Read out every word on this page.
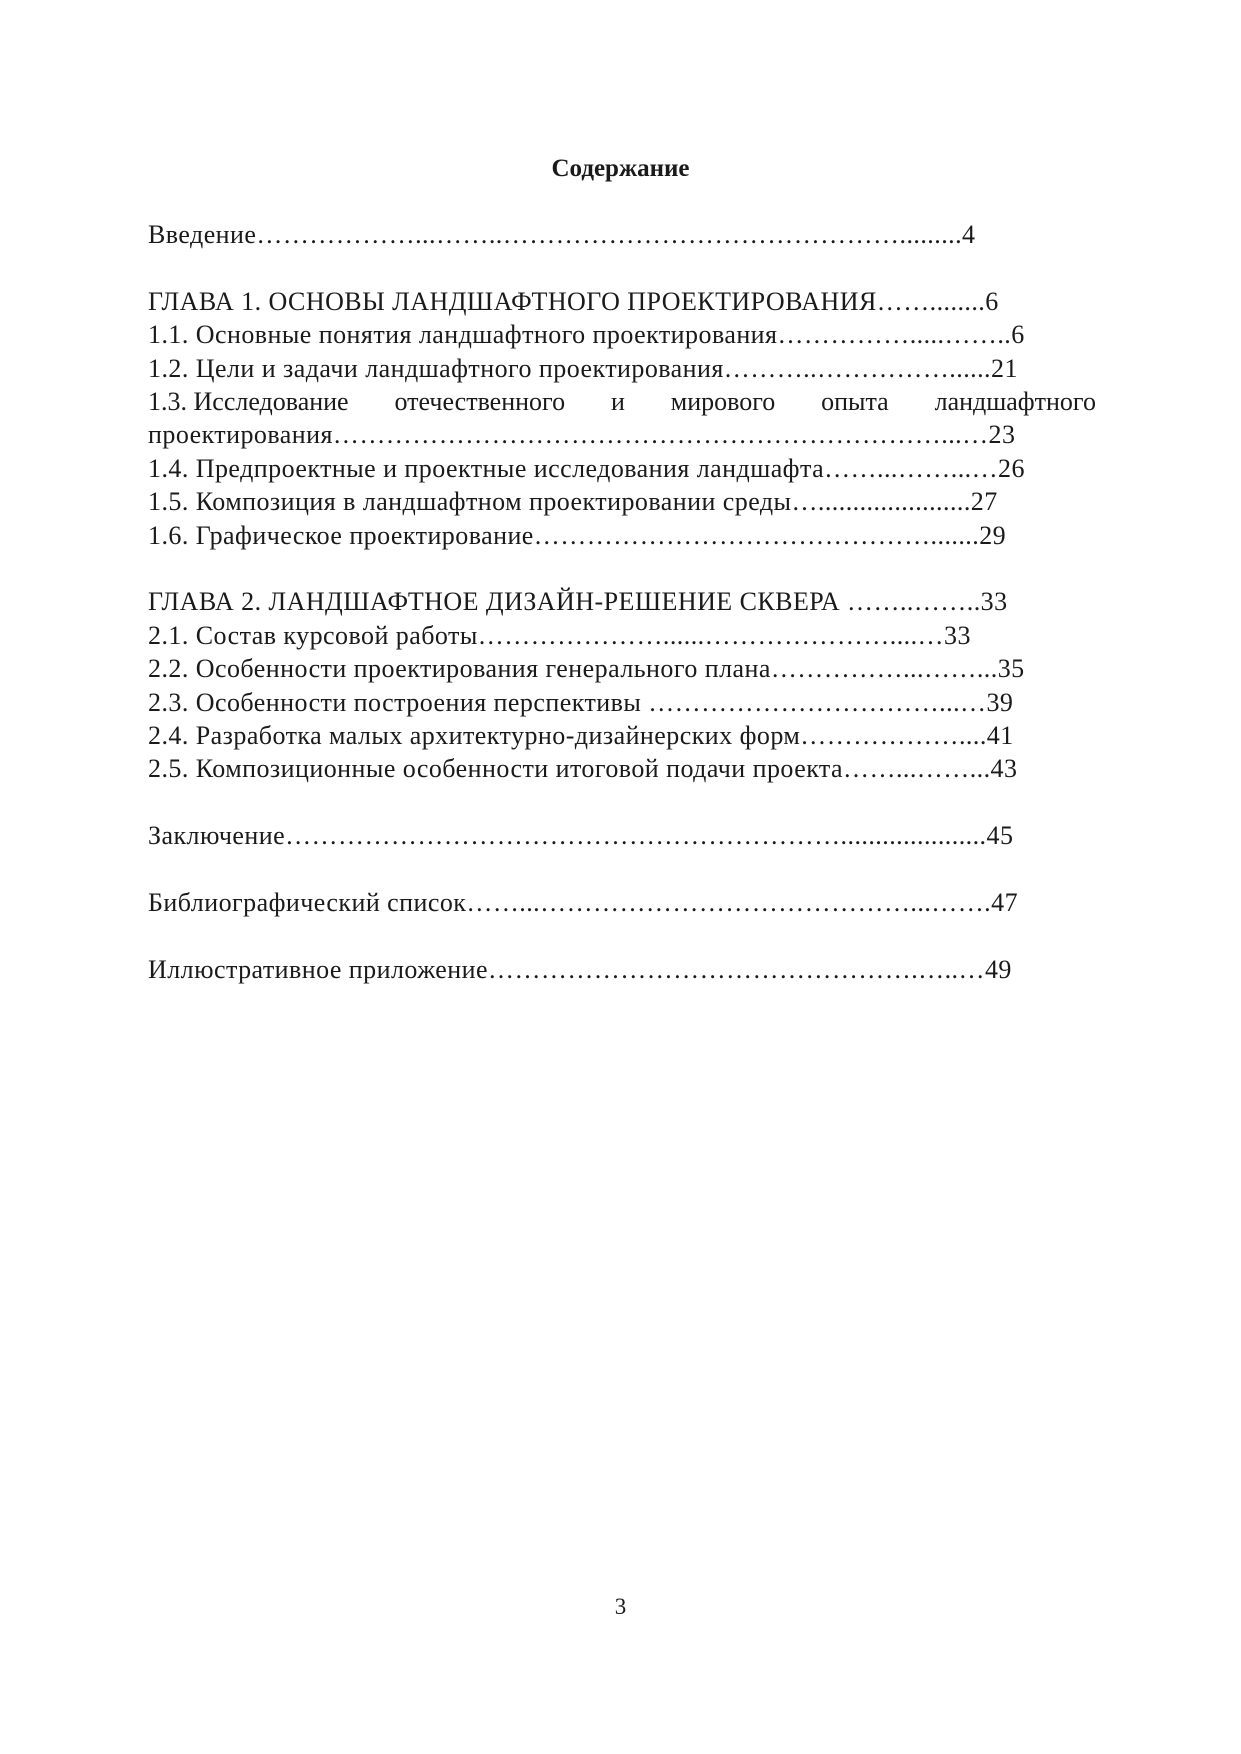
Содержание
Введение………………...……..……………………………………….........4
ГЛАВА 1. ОСНОВЫ ЛАНДШАФТНОГО ПРОЕКТИРОВАНИЯ……........6
1.1. Основные понятия ландшафтного проектирования…………….....……..6
1.2. Цели и задачи ландшафтного проектирования………..……………......21
1.3. Исследование отечественного и мирового опыта ландшафтного
проектирования……………………………………………………………...…23
1.4. Предпроектные и проектные исследования ландшафта……...……...…26
1.5. Композиция в ландшафтном проектировании среды…......................27
1.6. Графическое проектирование……………………………………….......29
ГЛАВА 2. ЛАНДШАФТНОЕ ДИЗАЙН-РЕШЕНИЕ СКВЕРА ……..……..33
2.1. Состав курсовой работы…………………......…………………....…33
2.2. Особенности проектирования генерального плана……………...……...35
2.3. Особенности построения перспективы ……………………………...…39
2.4. Разработка малых архитектурно-дизайнерских форм………………....41
2.5. Композиционные особенности итоговой подачи проекта……...……...43
Заключение……………………………………………………….....................45
Библиографический список……...……………………………………...…….47
Иллюстративное приложение………………………………………….…..…49
3
